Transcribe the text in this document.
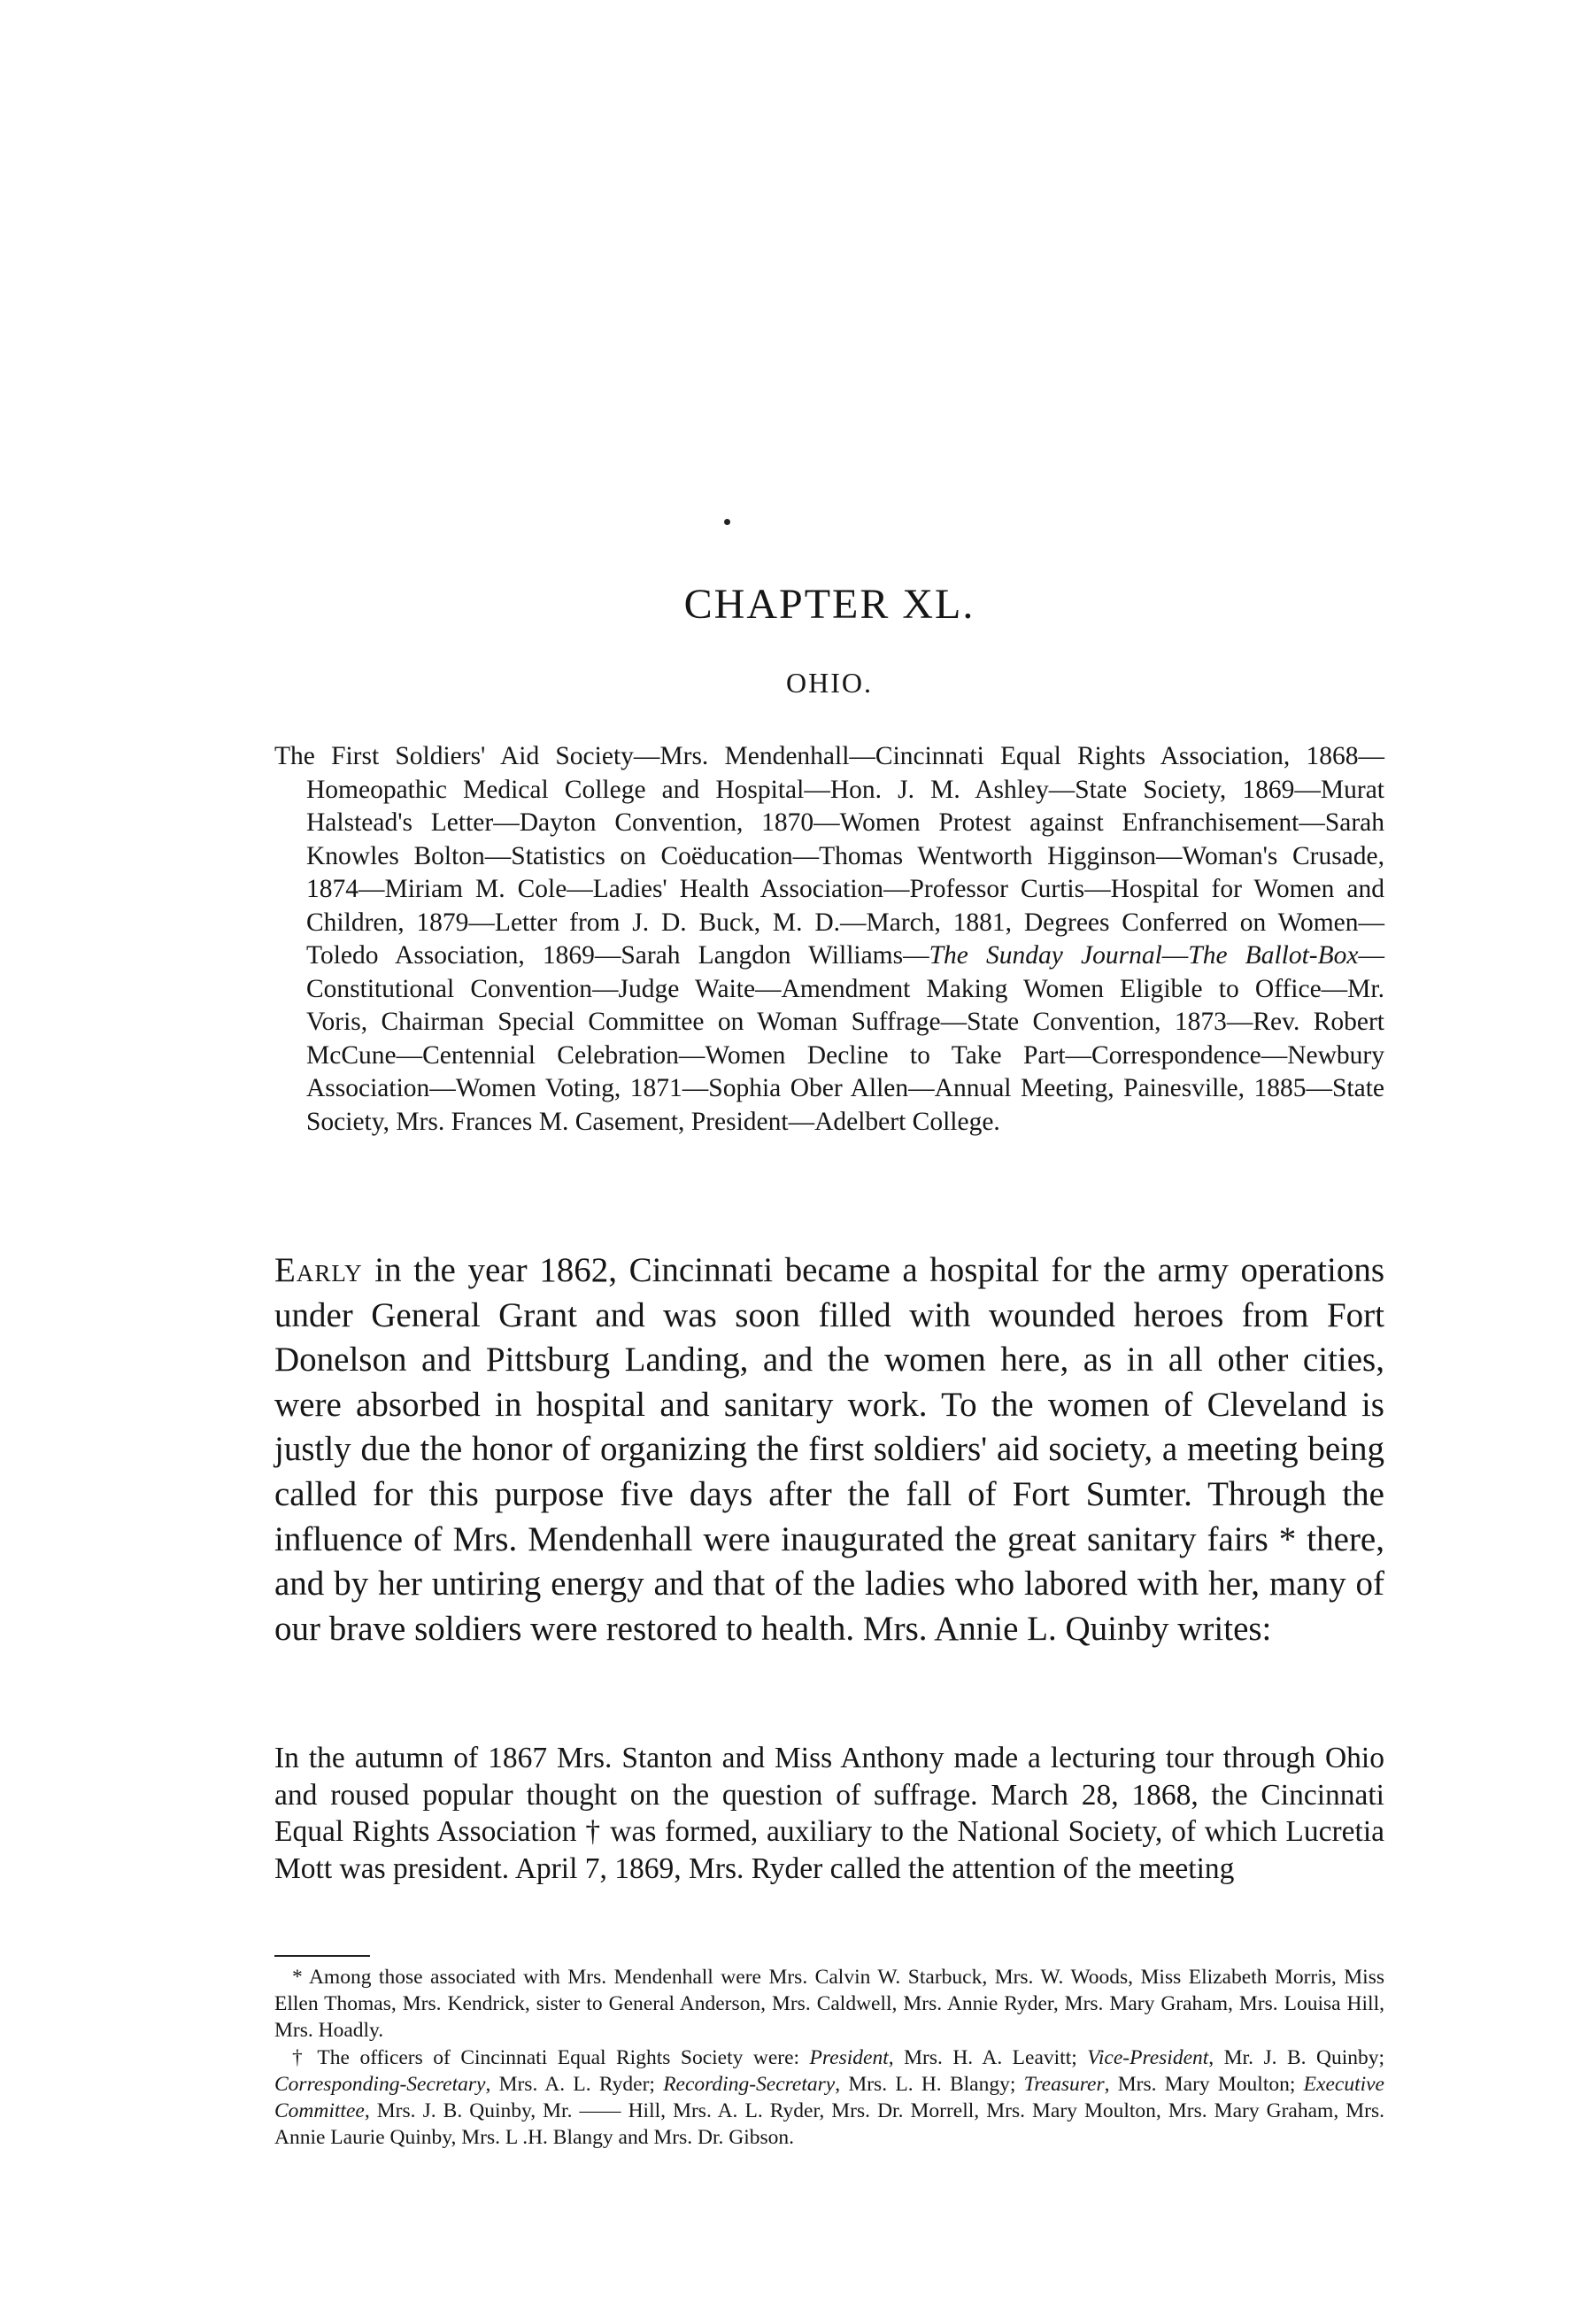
CHAPTER XL.
OHIO.

The First Soldiers' Aid Society—Mrs. Mendenhall—Cincinnati Equal Rights Association, 1868—Homeopathic Medical College and Hospital—Hon. J. M. Ashley—State Society, 1869—Murat Halstead's Letter—Dayton Convention, 1870—Women Protest against Enfranchisement—Sarah Knowles Bolton—Statistics on Coëducation—Thomas Wentworth Higginson—Woman's Crusade, 1874—Miriam M. Cole—Ladies' Health Association—Professor Curtis—Hospital for Women and Children, 1879—Letter from J. D. Buck, M. D.—March, 1881, Degrees Conferred on Women—Toledo Association, 1869—Sarah Langdon Williams—The Sunday Journal—The Ballot-Box—Constitutional Convention—Judge Waite—Amendment Making Women Eligible to Office—Mr. Voris, Chairman Special Committee on Woman Suffrage—State Convention, 1873—Rev. Robert McCune—Centennial Celebration—Women Decline to Take Part—Correspondence—Newbury Association—Women Voting, 1871—Sophia Ober Allen—Annual Meeting, Painesville, 1885—State Society, Mrs. Frances M. Casement, President—Adelbert College.

Early in the year 1862, Cincinnati became a hospital for the army operations under General Grant and was soon filled with wounded heroes from Fort Donelson and Pittsburg Landing, and the women here, as in all other cities, were absorbed in hospital and sanitary work. To the women of Cleveland is justly due the honor of organizing the first soldiers' aid society, a meeting being called for this purpose five days after the fall of Fort Sumter. Through the influence of Mrs. Mendenhall were inaugurated the great sanitary fairs * there, and by her untiring energy and that of the ladies who labored with her, many of our brave soldiers were restored to health. Mrs. Annie L. Quinby writes:

In the autumn of 1867 Mrs. Stanton and Miss Anthony made a lecturing tour through Ohio and roused popular thought on the question of suffrage. March 28, 1868, the Cincinnati Equal Rights Association † was formed, auxiliary to the National Society, of which Lucretia Mott was president. April 7, 1869, Mrs. Ryder called the attention of the meeting

* Among those associated with Mrs. Mendenhall were Mrs. Calvin W. Starbuck, Mrs. W. Woods, Miss Elizabeth Morris, Miss Ellen Thomas, Mrs. Kendrick, sister to General Anderson, Mrs. Caldwell, Mrs. Annie Ryder, Mrs. Mary Graham, Mrs. Louisa Hill, Mrs. Hoadly.

† The officers of Cincinnati Equal Rights Society were: President, Mrs. H. A. Leavitt; Vice-President, Mr. J. B. Quinby; Corresponding-Secretary, Mrs. A. L. Ryder; Recording-Secretary, Mrs. L. H. Blangy; Treasurer, Mrs. Mary Moulton; Executive Committee, Mrs. J. B. Quinby, Mr. —— Hill, Mrs. A. L. Ryder, Mrs. Dr. Morrell, Mrs. Mary Moulton, Mrs. Mary Graham, Mrs. Annie Laurie Quinby, Mrs. L .H. Blangy and Mrs. Dr. Gibson.
